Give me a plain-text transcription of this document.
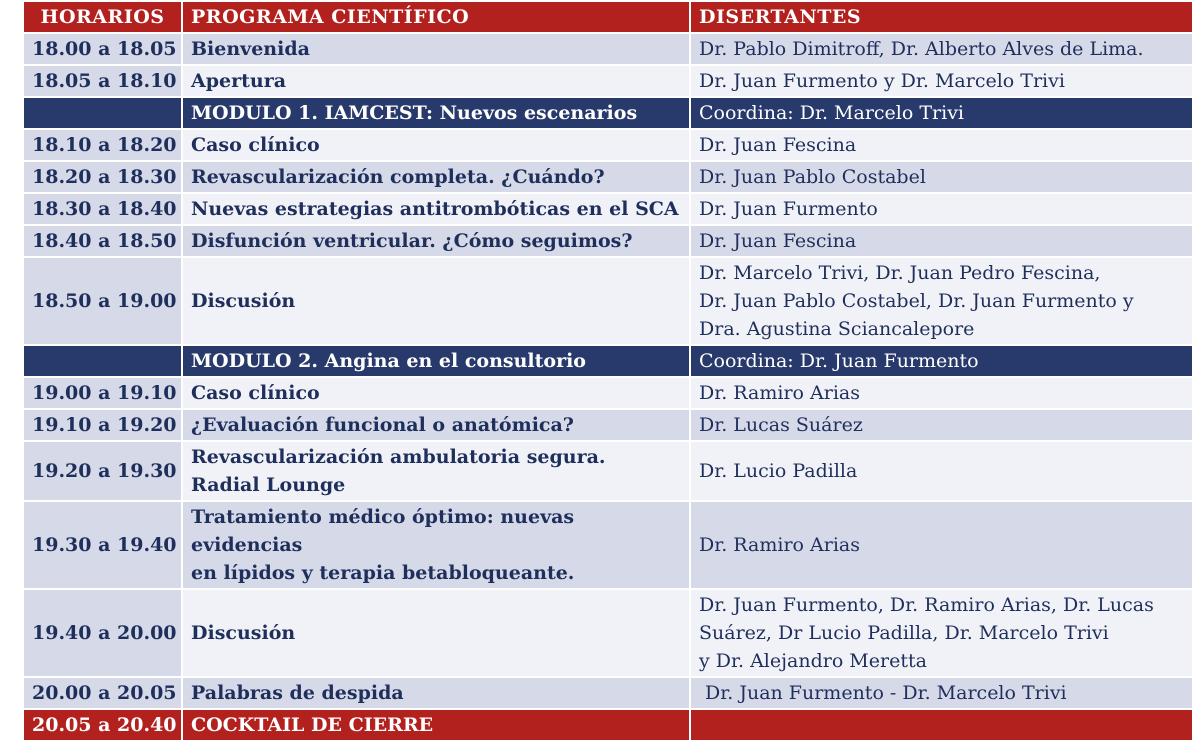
HORARIOS	PROGRAMA CIENTÍFICO	DISERTANTES
18.00 a 18.05	Bienvenida	Dr. Pablo Dimitroff, Dr. Alberto Alves de Lima.
18.05 a 18.10	Apertura	Dr. Juan Furmento y Dr. Marcelo Trivi
	MODULO 1. IAMCEST: Nuevos escenarios	Coordina: Dr. Marcelo Trivi
18.10 a 18.20	Caso clínico	Dr. Juan Fescina
18.20 a 18.30	Revascularización completa. ¿Cuándo?	Dr. Juan Pablo Costabel
18.30 a 18.40	Nuevas estrategias antitrombóticas en el SCA	Dr. Juan Furmento
18.40 a 18.50	Disfunción ventricular. ¿Cómo seguimos?	Dr. Juan Fescina
18.50 a 19.00	Discusión	Dr. Marcelo Trivi, Dr. Juan Pedro Fescina,
Dr. Juan Pablo Costabel, Dr. Juan Furmento y
Dra. Agustina Sciancalepore

	MODULO 2. Angina en el consultorio	Coordina: Dr. Juan Furmento
19.00 a 19.10	Caso clínico	Dr. Ramiro Arias
19.10 a 19.20	¿Evaluación funcional o anatómica?	Dr. Lucas Suárez
19.20 a 19.30	Revascularización ambulatoria segura.
Radial Lounge	Dr. Lucio Padilla
19.30 a 19.40	Tratamiento médico óptimo: nuevas evidencias
en lípidos y terapia betabloqueante.	Dr. Ramiro Arias
19.40 a 20.00	Discusión	Dr. Juan Furmento, Dr. Ramiro Arias, Dr. Lucas
Suárez, Dr Lucio Padilla, Dr. Marcelo Trivi
y Dr. Alejandro Meretta

20.00 a 20.05	Palabras de despida	Dr. Juan Furmento - Dr. Marcelo Trivi
20.05 a 20.40	COCKTAIL DE CIERRE	
